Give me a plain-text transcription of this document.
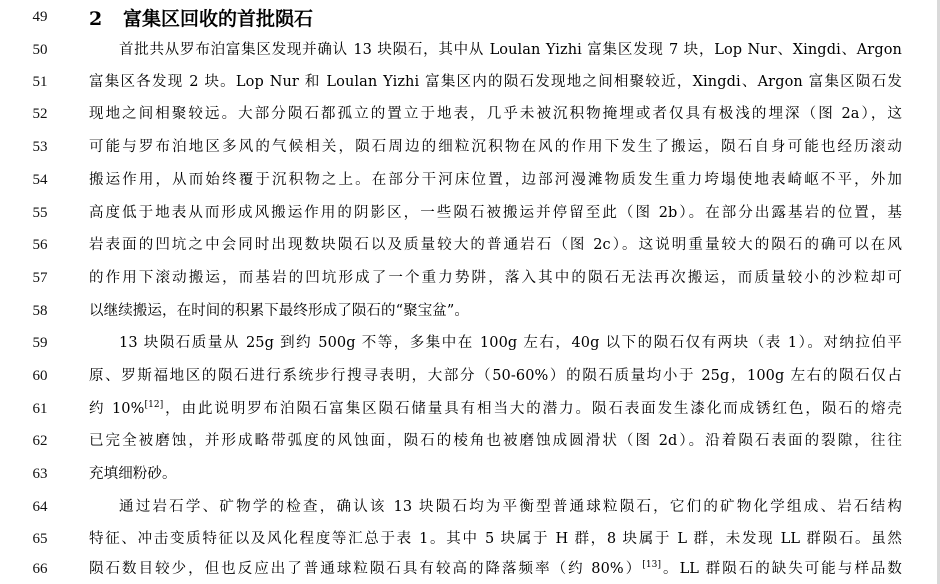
49	2 富集区回收的首批陨石
50	首批共从罗布泊富集区发现并确认 13 块陨石，其中从 Loulan Yizhi 富集区发现 7 块，Lop Nur、Xingdi、Argon
51	富集区各发现 2 块。Lop Nur 和 Loulan Yizhi 富集区内的陨石发现地之间相聚较近，Xingdi、Argon 富集区陨石发
52	现地之间相聚较远。大部分陨石都孤立的置立于地表，几乎未被沉积物掩埋或者仅具有极浅的埋深（图 2a），这
53	可能与罗布泊地区多风的气候相关，陨石周边的细粒沉积物在风的作用下发生了搬运，陨石自身可能也经历滚动
54	搬运作用，从而始终覆于沉积物之上。在部分干河床位置，边部河漫滩物质发生重力垮塌使地表崎岖不平，外加
55	高度低于地表从而形成风搬运作用的阴影区，一些陨石被搬运并停留至此（图 2b）。在部分出露基岩的位置，基
56	岩表面的凹坑之中会同时出现数块陨石以及质量较大的普通岩石（图 2c）。这说明重量较大的陨石的确可以在风
57	的作用下滚动搬运，而基岩的凹坑形成了一个重力势阱，落入其中的陨石无法再次搬运，而质量较小的沙粒却可
58	以继续搬运，在时间的积累下最终形成了陨石的“聚宝盆”。
59	13 块陨石质量从 25g 到约 500g 不等，多集中在 100g 左右，40g 以下的陨石仅有两块（表 1）。对纳拉伯平
60	原、罗斯福地区的陨石进行系统步行搜寻表明，大部分（50-60%）的陨石质量均小于 25g，100g 左右的陨石仅占
61	约 10%[12]，由此说明罗布泊陨石富集区陨石储量具有相当大的潜力。陨石表面发生漆化而成锈红色，陨石的熔壳
62	已完全被磨蚀，并形成略带弧度的风蚀面，陨石的棱角也被磨蚀成圆滑状（图 2d）。沿着陨石表面的裂隙，往往
63	充填细粉砂。
64	通过岩石学、矿物学的检查，确认该 13 块陨石均为平衡型普通球粒陨石，它们的矿物化学组成、岩石结构
65	特征、冲击变质特征以及风化程度等汇总于表 1。其中 5 块属于 H 群，8 块属于 L 群，未发现 LL 群陨石。虽然
66	陨石数目较少，但也反应出了普通球粒陨石具有较高的降落频率（约 80%）[13]。LL 群陨石的缺失可能与样品数
